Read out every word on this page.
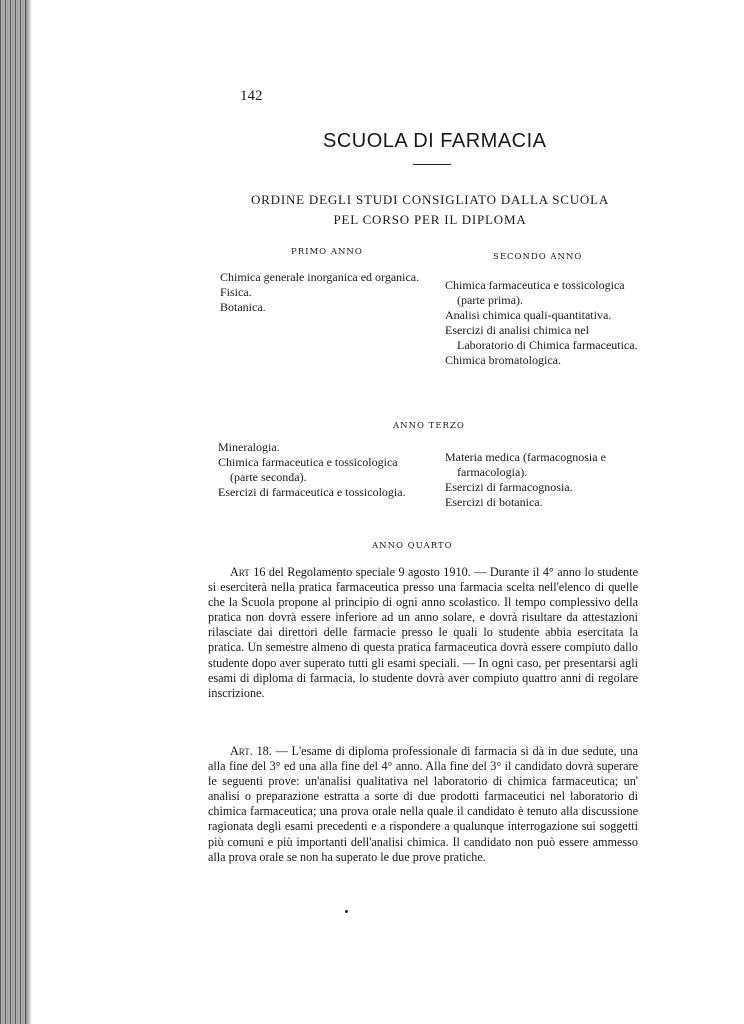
142
SCUOLA DI FARMACIA
ORDINE DEGLI STUDI CONSIGLIATO DALLA SCUOLA
PEL CORSO PER IL DIPLOMA
PRIMO ANNO
Chimica generale inorganica ed organica.
Fisica.
Botanica.
SECONDO ANNO
Chimica farmaceutica e tossicologica (parte prima).
Analisi chimica quali-quantitativa.
Esercizi di analisi chimica nel Laboratorio di Chimica farmaceutica.
Chimica bromatologica.
ANNO TERZO
Mineralogia.
Chimica farmaceutica e tossicologica (parte seconda).
Esercizi di farmaceutica e tossicologia.
Materia medica (farmacognosia e farmacologia).
Esercizi di farmacognosia.
Esercizi di botanica.
ANNO QUARTO

Art 16 del Regolamento speciale 9 agosto 1910. — Durante il 4° anno lo studente si eserciterà nella pratica farmaceutica presso una farmacia scelta nell'elenco di quelle che la Scuola propone al principio di ogni anno scolastico. Il tempo complessivo della pratica non dovrà essere inferiore ad un anno solare, e dovrà risultare da attestazioni rilasciate dai direttori delle farmacie presso le quali lo studente abbia esercitata la pratica. Un semestre almeno di questa pratica farmaceutica dovrà essere compiuto dallo studente dopo aver superato tutti gli esami speciali. — In ogni caso, per presentarsi agli esami di diploma di farmacia, lo studente dovrà aver compiuto quattro anni di regolare inscrizione.

Art. 18. — L'esame di diploma professionale di farmacia si dà in due sedute, una alla fine del 3° ed una alla fine del 4° anno. Alla fine del 3° il candidato dovrà superare le seguenti prove: un'analisi qualitativa nel laboratorio di chimica farmaceutica; un' analisi o preparazione estratta a sorte di due prodotti farmaceutici nel laboratorio di chimica farmaceutica; una prova orale nella quale il candidato è tenuto alla discussione ragionata degli esami precedenti e a rispondere a qualunque interrogazione sui soggetti più comuni e più importanti dell'analisi chimica. Il candidato non può essere ammesso alla prova orale se non ha superato le due prove pratiche.
